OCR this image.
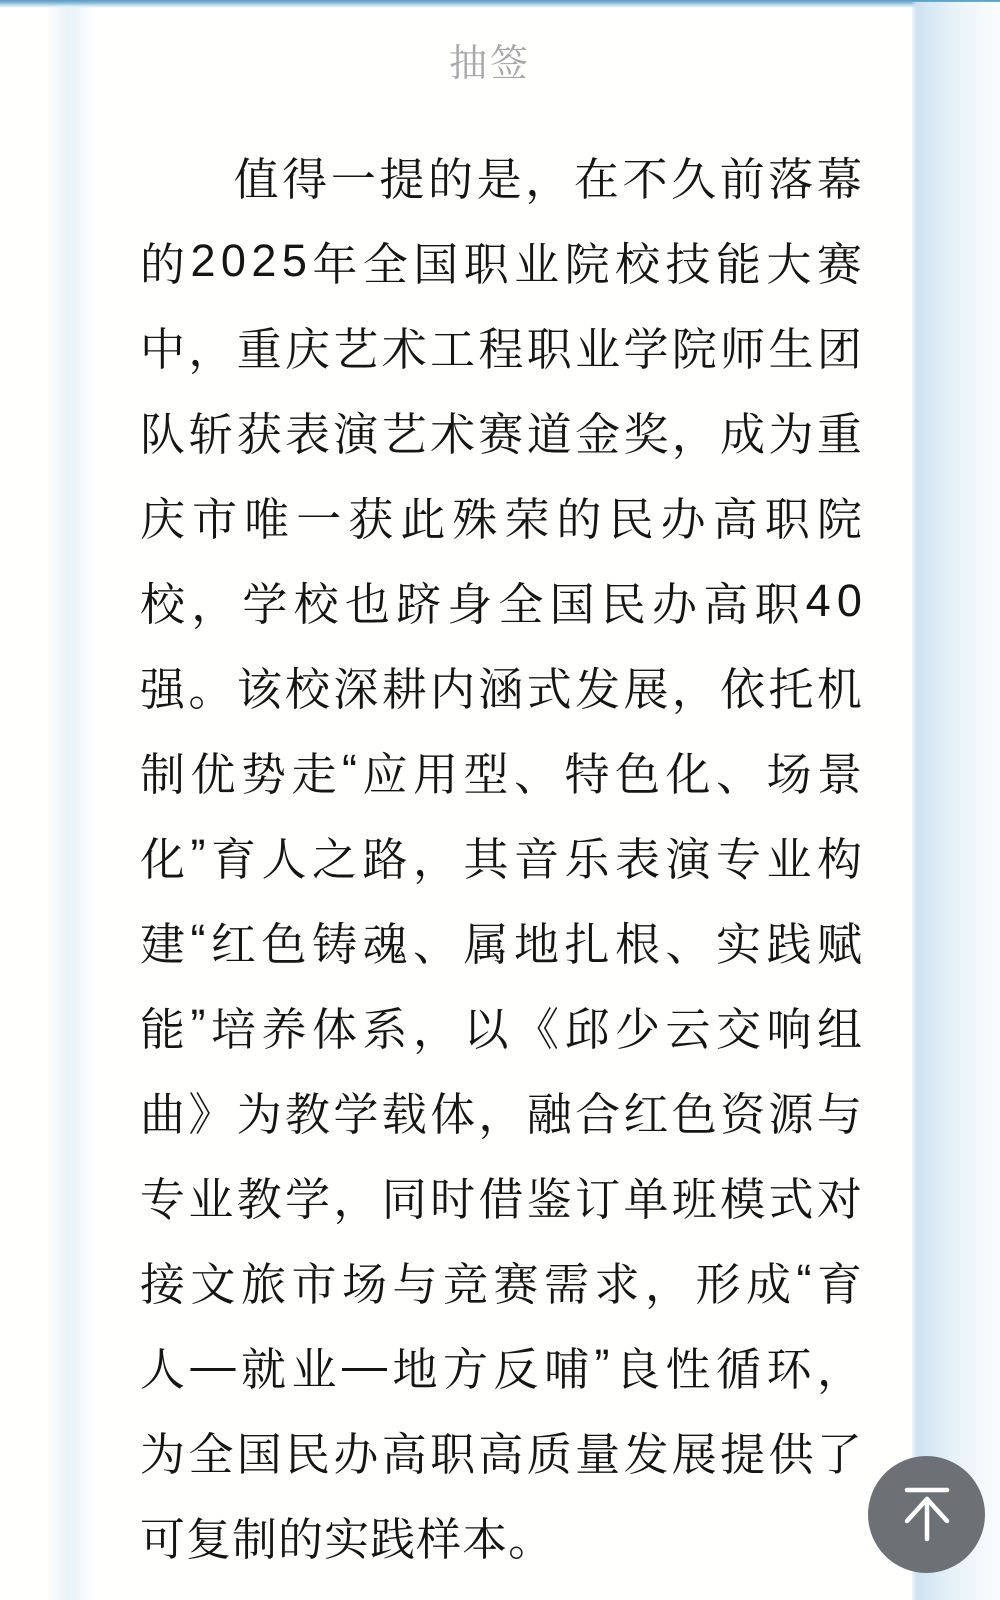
抽签
值 得 一 提 的 是 ， 在 不 久 前 落 幕
的 2 0 2 5 年 全 国 职 业 院 校 技 能 大 赛
中 ， 重 庆 艺 术 工 程 职 业 学 院 师 生 团
队 斩 获 表 演 艺 术 赛 道 金 奖 ， 成 为 重
庆 市 唯 一 获 此 殊 荣 的 民 办 高 职 院
校 ， 学 校 也 跻 身 全 国 民 办 高 职 4 0
强 。 该 校 深 耕 内 涵 式 发 展 ， 依 托 机
制 优 势 走 “ 应 用 型 、 特 色 化 、 场 景
化 ” 育 人 之 路 ， 其 音 乐 表 演 专 业 构
建 “ 红 色 铸 魂 、 属 地 扎 根 、 实 践 赋
能 ” 培 养 体 系 ， 以 《 邱 少 云 交 响 组
曲 》 为 教 学 载 体 ， 融 合 红 色 资 源 与
专 业 教 学 ， 同 时 借 鉴 订 单 班 模 式 对
接 文 旅 市 场 与 竞 赛 需 求 ， 形 成 “ 育
人 — 就 业 — 地 方 反 哺 ” 良 性 循 环 ，
为 全 国 民 办 高 职 高 质 量 发 展 提 供 了
可 复 制 的 实 践 样 本 。
